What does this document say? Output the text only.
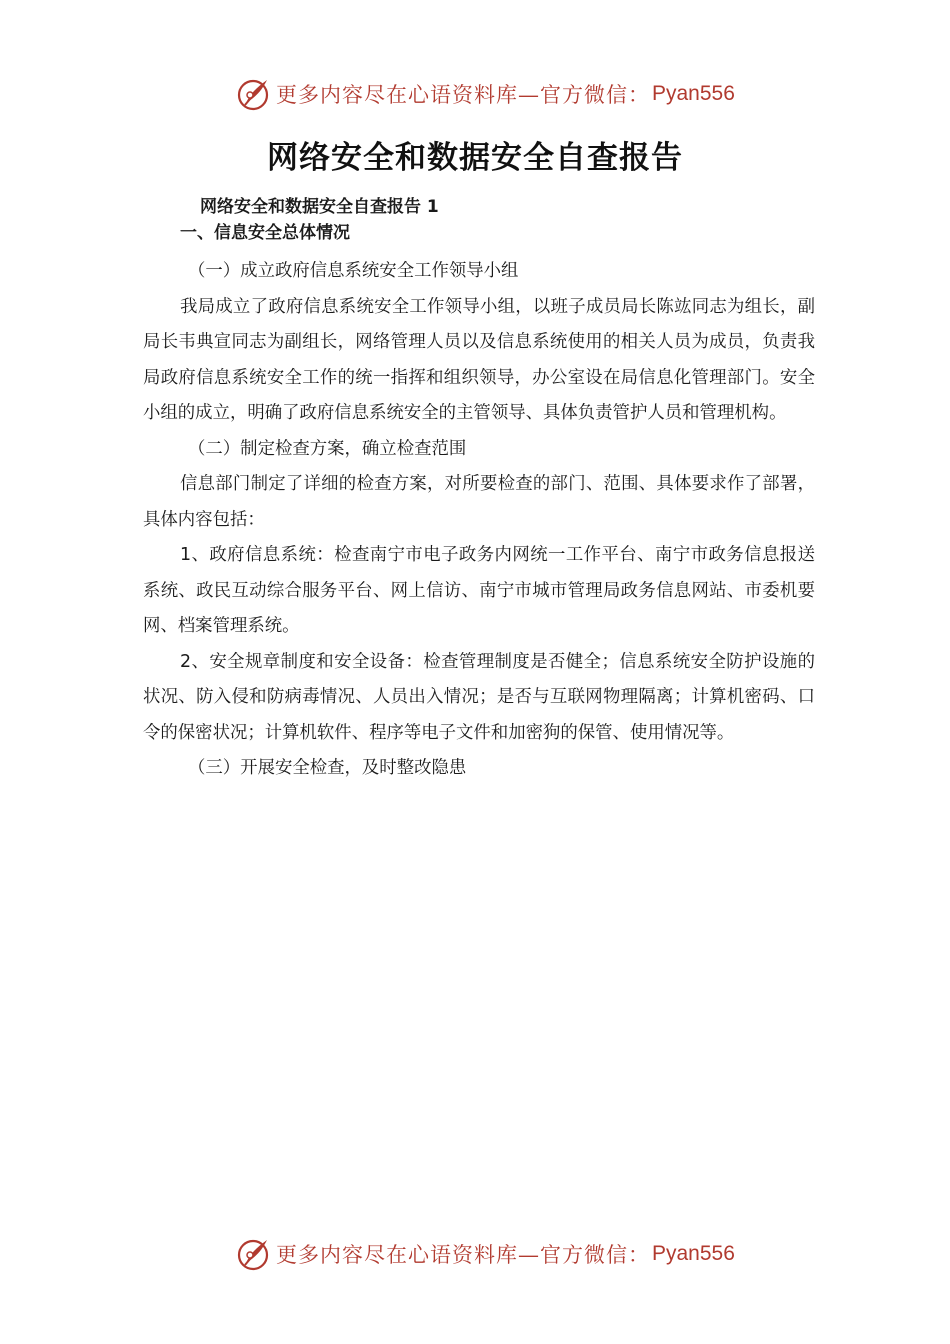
更多内容尽在心语资料库—官方微信： Pyan556
网络安全和数据安全自查报告
网络安全和数据安全自查报告 1
一、信息安全总体情况

（一）成立政府信息系统安全工作领导小组

我局成立了政府信息系统安全工作领导小组，以班子成员局长陈竑同志为组长，副局长韦典宣同志为副组长，网络管理人员以及信息系统使用的相关人员为成员，负责我局政府信息系统安全工作的统一指挥和组织领导，办公室设在局信息化管理部门。安全小组的成立，明确了政府信息系统安全的主管领导、具体负责管护人员和管理机构。

（二）制定检查方案，确立检查范围

信息部门制定了详细的检查方案，对所要检查的部门、范围、具体要求作了部署，具体内容包括：

1、政府信息系统：检查南宁市电子政务内网统一工作平台、南宁市政务信息报送系统、政民互动综合服务平台、网上信访、南宁市城市管理局政务信息网站、市委机要网、档案管理系统。

2、安全规章制度和安全设备：检查管理制度是否健全；信息系统安全防护设施的状况、防入侵和防病毒情况、人员出入情况；是否与互联网物理隔离；计算机密码、口令的保密状况；计算机软件、程序等电子文件和加密狗的保管、使用情况等。

（三）开展安全检查，及时整改隐患

更多内容尽在心语资料库—官方微信： Pyan556
